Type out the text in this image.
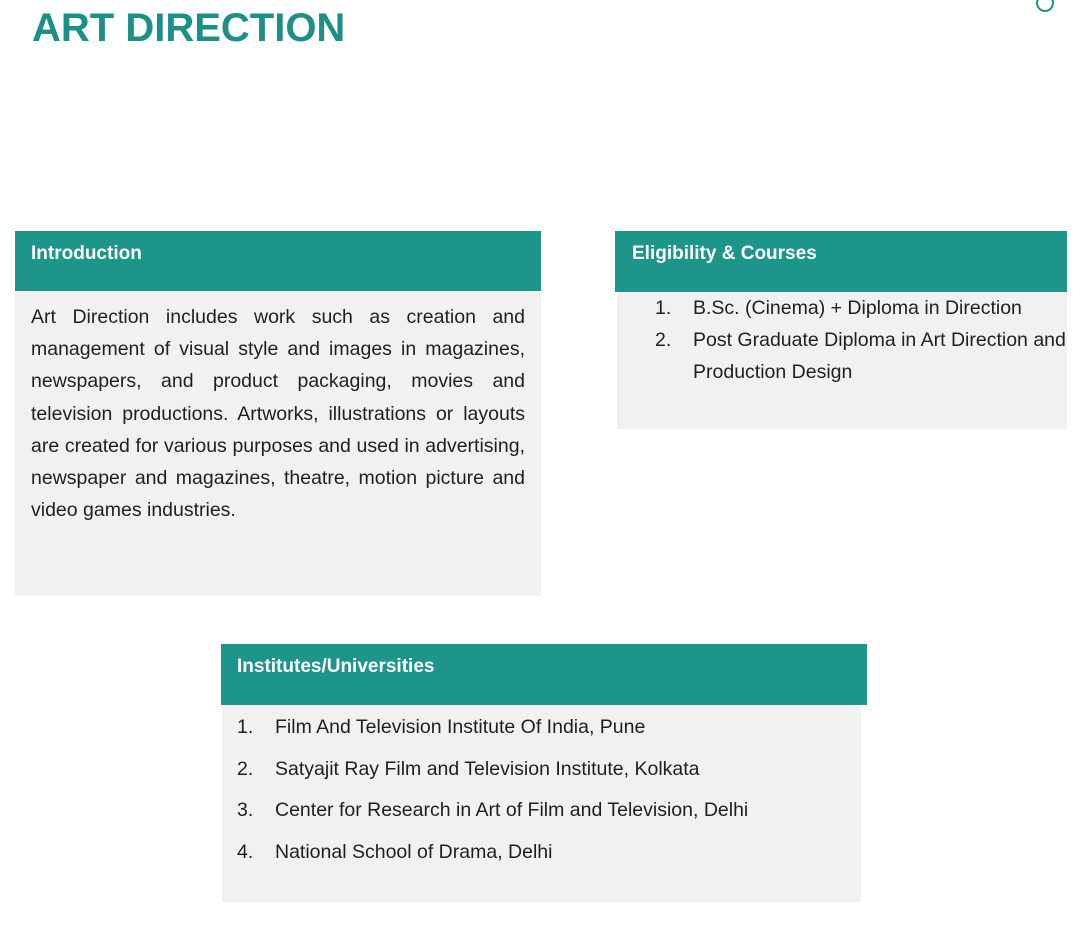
ART DIRECTION
Introduction

Art Direction includes work such as creation and management of visual style and images in magazines, newspapers, and product packaging, movies and television productions. Artworks, illustrations or layouts are created for various purposes and used in advertising, newspaper and magazines, theatre, motion picture and video games industries.

Eligibility & Courses
1. B.Sc. (Cinema) + Diploma in Direction
2. Post Graduate Diploma in Art Direction and Production Design
Institutes/Universities
1. Film And Television Institute Of India, Pune
2. Satyajit Ray Film and Television Institute, Kolkata
3. Center for Research in Art of Film and Television, Delhi
4. National School of Drama, Delhi
